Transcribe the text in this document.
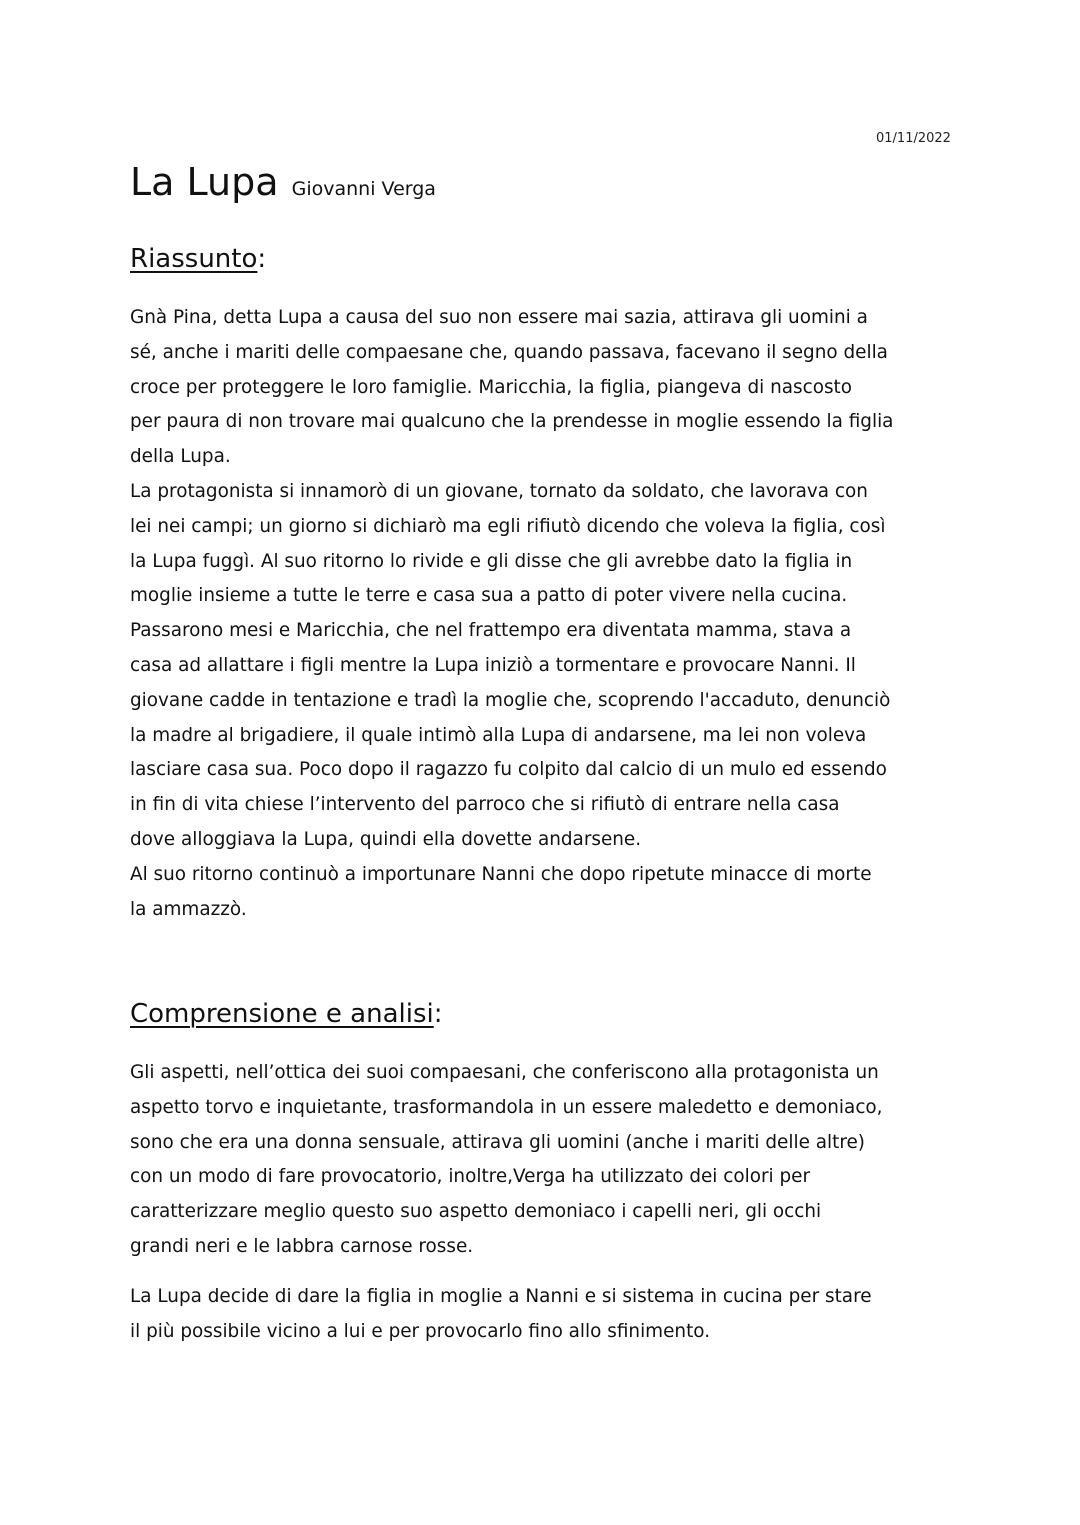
01/11/2022
La Lupa Giovanni Verga
Riassunto:
Gnà Pina, detta Lupa a causa del suo non essere mai sazia, attirava gli uomini a
sé, anche i mariti delle compaesane che, quando passava, facevano il segno della
croce per proteggere le loro famiglie. Maricchia, la figlia, piangeva di nascosto
per paura di non trovare mai qualcuno che la prendesse in moglie essendo la figlia
della Lupa.
La protagonista si innamorò di un giovane, tornato da soldato, che lavorava con
lei nei campi; un giorno si dichiarò ma egli rifiutò dicendo che voleva la figlia, così
la Lupa fuggì. Al suo ritorno lo rivide e gli disse che gli avrebbe dato la figlia in
moglie insieme a tutte le terre e casa sua a patto di poter vivere nella cucina.
Passarono mesi e Maricchia, che nel frattempo era diventata mamma, stava a
casa ad allattare i figli mentre la Lupa iniziò a tormentare e provocare Nanni. Il
giovane cadde in tentazione e tradì la moglie che, scoprendo l'accaduto, denunciò
la madre al brigadiere, il quale intimò alla Lupa di andarsene, ma lei non voleva
lasciare casa sua. Poco dopo il ragazzo fu colpito dal calcio di un mulo ed essendo
in fin di vita chiese l’intervento del parroco che si rifiutò di entrare nella casa
dove alloggiava la Lupa, quindi ella dovette andarsene.
Al suo ritorno continuò a importunare Nanni che dopo ripetute minacce di morte
la ammazzò.
Comprensione e analisi:
Gli aspetti, nell’ottica dei suoi compaesani, che conferiscono alla protagonista un
aspetto torvo e inquietante, trasformandola in un essere maledetto e demoniaco,
sono che era una donna sensuale, attirava gli uomini (anche i mariti delle altre)
con un modo di fare provocatorio, inoltre,Verga ha utilizzato dei colori per
caratterizzare meglio questo suo aspetto demoniaco i capelli neri, gli occhi
grandi neri e le labbra carnose rosse.
La Lupa decide di dare la figlia in moglie a Nanni e si sistema in cucina per stare
il più possibile vicino a lui e per provocarlo fino allo sfinimento.
